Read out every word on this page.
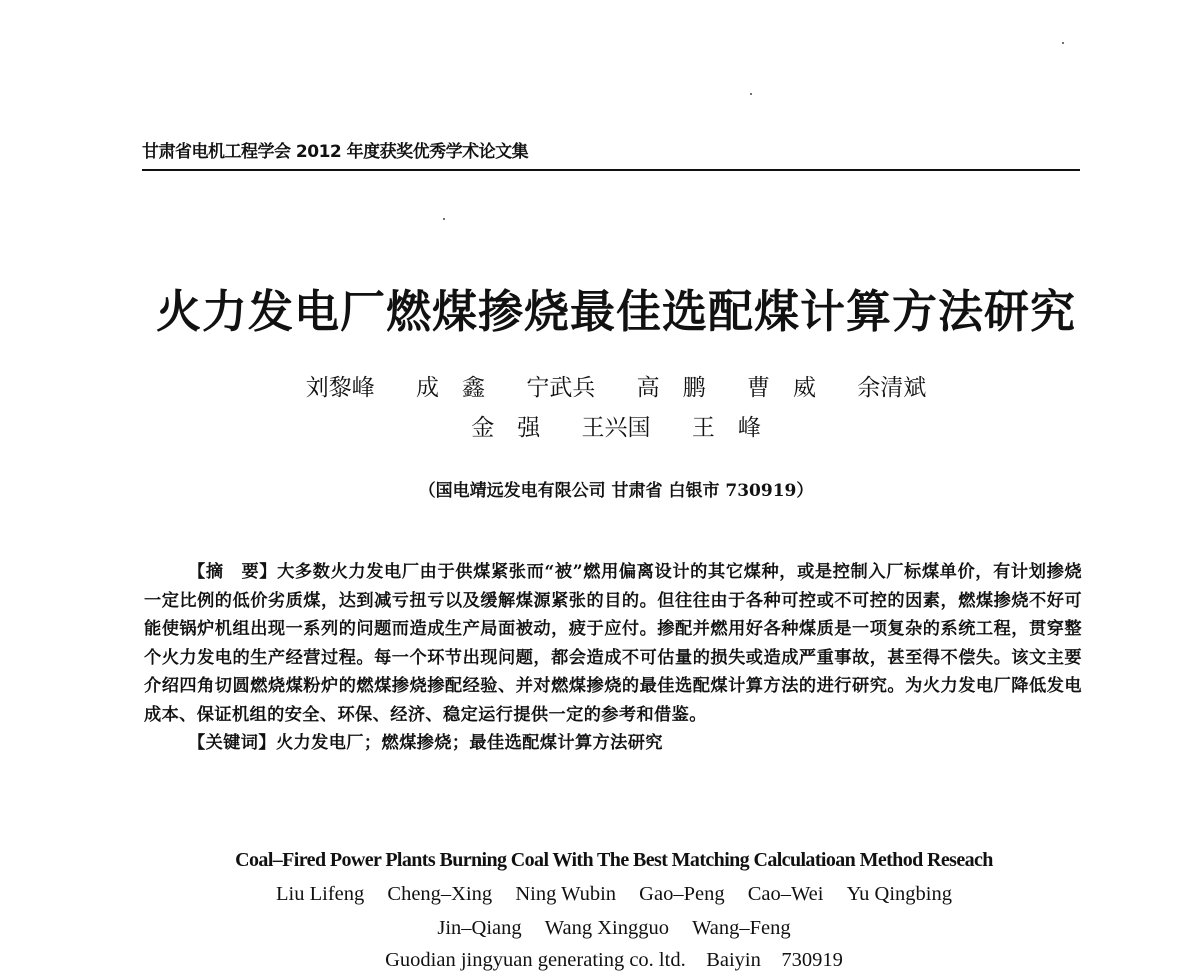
甘肃省电机工程学会 2012 年度获奖优秀学术论文集
火力发电厂燃煤掺烧最佳选配煤计算方法研究
刘黎峰 成　鑫 宁武兵 高　鹏 曹　威 余清斌
金　强 王兴国 王　峰
（国电靖远发电有限公司 甘肃省 白银市 730919）

【摘　要】大多数火力发电厂由于供煤紧张而“被”燃用偏离设计的其它煤种，或是控制入厂标煤单价，有计划掺烧一定比例的低价劣质煤，达到减亏扭亏以及缓解煤源紧张的目的。但往往由于各种可控或不可控的因素，燃煤掺烧不好可能使锅炉机组出现一系列的问题而造成生产局面被动，疲于应付。掺配并燃用好各种煤质是一项复杂的系统工程，贯穿整个火力发电的生产经营过程。每一个环节出现问题，都会造成不可估量的损失或造成严重事故，甚至得不偿失。该文主要介绍四角切圆燃烧煤粉炉的燃煤掺烧掺配经验、并对燃煤掺烧的最佳选配煤计算方法的进行研究。为火力发电厂降低发电成本、保证机组的安全、环保、经济、稳定运行提供一定的参考和借鉴。

【关键词】火力发电厂；燃煤掺烧；最佳选配煤计算方法研究

Coal–Fired Power Plants Burning Coal With The Best Matching Calculatioan Method Reseach
Liu Lifeng Cheng–Xing Ning Wubin Gao–Peng Cao–Wei Yu Qingbing
Jin–Qiang Wang Xingguo Wang–Feng
Guodian jingyuan generating co. ltd.　Baiyin　730919
